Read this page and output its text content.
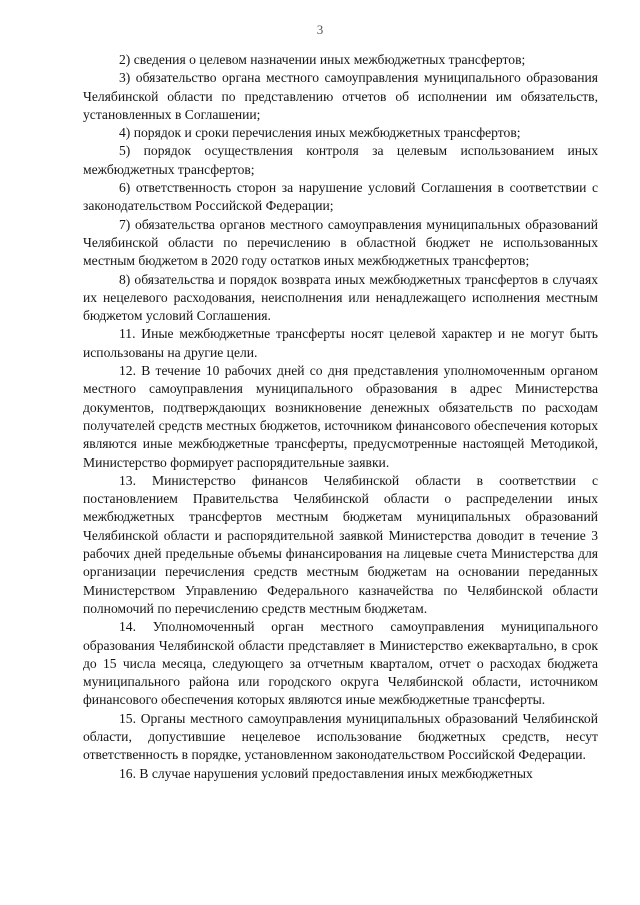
3

2) сведения о целевом назначении иных межбюджетных трансфертов;

3) обязательство органа местного самоуправления муниципального образования Челябинской области по представлению отчетов об исполнении им обязательств, установленных в Соглашении;

4) порядок и сроки перечисления иных межбюджетных трансфертов;

5) порядок осуществления контроля за целевым использованием иных межбюджетных трансфертов;

6) ответственность сторон за нарушение условий Соглашения в соответствии с законодательством Российской Федерации;

7) обязательства органов местного самоуправления муниципальных образований Челябинской области по перечислению в областной бюджет не использованных местным бюджетом в 2020 году остатков иных межбюджетных трансфертов;

8) обязательства и порядок возврата иных межбюджетных трансфертов в случаях их нецелевого расходования, неисполнения или ненадлежащего исполнения местным бюджетом условий Соглашения.

11. Иные межбюджетные трансферты носят целевой характер и не могут быть использованы на другие цели.

12. В течение 10 рабочих дней со дня представления уполномоченным органом местного самоуправления муниципального образования в адрес Министерства документов, подтверждающих возникновение денежных обязательств по расходам получателей средств местных бюджетов, источником финансового обеспечения которых являются иные межбюджетные трансферты, предусмотренные настоящей Методикой, Министерство формирует распорядительные заявки.

13. Министерство финансов Челябинской области в соответствии с постановлением Правительства Челябинской области о распределении иных межбюджетных трансфертов местным бюджетам муниципальных образований Челябинской области и распорядительной заявкой Министерства доводит в течение 3 рабочих дней предельные объемы финансирования на лицевые счета Министерства для организации перечисления средств местным бюджетам на основании переданных Министерством Управлению Федерального казначейства по Челябинской области полномочий по перечислению средств местным бюджетам.

14. Уполномоченный орган местного самоуправления муниципального образования Челябинской области представляет в Министерство ежеквартально, в срок до 15 числа месяца, следующего за отчетным кварталом, отчет о расходах бюджета муниципального района или городского округа Челябинской области, источником финансового обеспечения которых являются иные межбюджетные трансферты.

15. Органы местного самоуправления муниципальных образований Челябинской области, допустившие нецелевое использование бюджетных средств, несут ответственность в порядке, установленном законодательством Российской Федерации.

16. В случае нарушения условий предоставления иных межбюджетных
